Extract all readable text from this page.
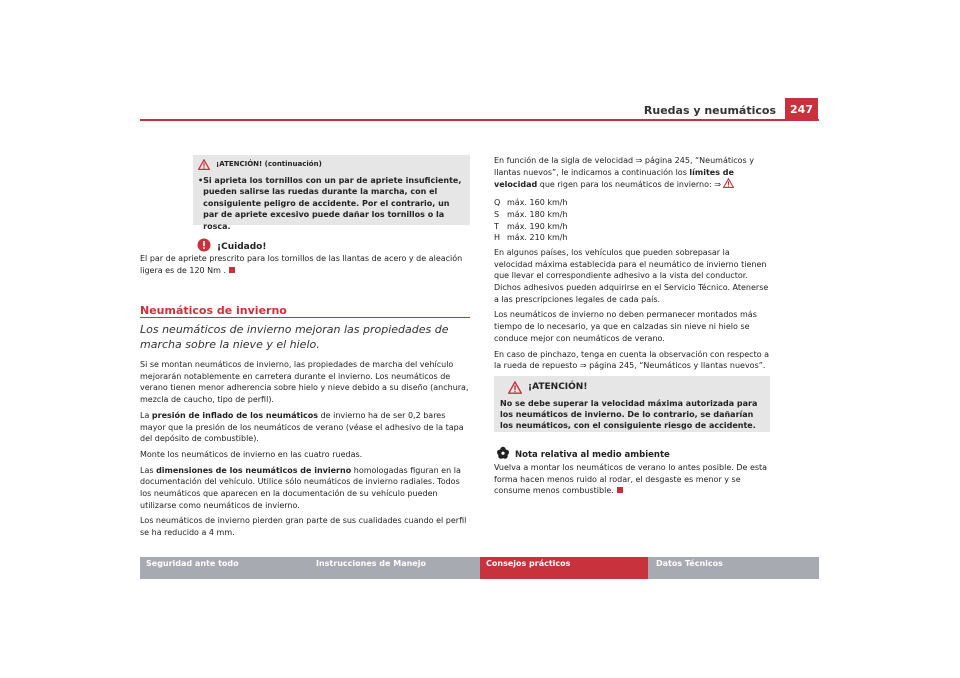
Ruedas y neumáticos	247
¡ATENCIÓN! (continuación)
• Si aprieta los tornillos con un par de apriete insuficiente, pueden salirse las ruedas durante la marcha, con el consiguiente peligro de accidente. Por el contrario, un par de apriete excesivo puede dañar los tornillos o la rosca.
¡Cuidado!
El par de apriete prescrito para los tornillos de las llantas de acero y de aleación ligera es de 120 Nm .
Neumáticos de invierno
Los neumáticos de invierno mejoran las propiedades de marcha sobre la nieve y el hielo.

Si se montan neumáticos de invierno, las propiedades de marcha del vehículo mejorarán notablemente en carretera durante el invierno. Los neumáticos de verano tienen menor adherencia sobre hielo y nieve debido a su diseño (anchura, mezcla de caucho, tipo de perfil).

La presión de inflado de los neumáticos de invierno ha de ser 0,2 bares mayor que la presión de los neumáticos de verano (véase el adhesivo de la tapa del depósito de combustible).

Monte los neumáticos de invierno en las cuatro ruedas.

Las dimensiones de los neumáticos de invierno homologadas figuran en la documentación del vehículo. Utilice sólo neumáticos de invierno radiales. Todos los neumáticos que aparecen en la documentación de su vehículo pueden utilizarse como neumáticos de invierno.

Los neumáticos de invierno pierden gran parte de sus cualidades cuando el perfil se ha reducido a 4 mm.

En función de la sigla de velocidad ⇒ página 245, “Neumáticos y llantas nuevos”, le indicamos a continuación los límites de velocidad que rigen para los neumáticos de invierno: ⇒

Q máx. 160 km/h
S máx. 180 km/h
T	máx. 190 km/h
H máx. 210 km/h

En algunos países, los vehículos que pueden sobrepasar la velocidad máxima establecida para el neumático de invierno tienen que llevar el correspondiente adhesivo a la vista del conductor. Dichos adhesivos pueden adquirirse en el Servicio Técnico. Atenerse a las prescripciones legales de cada país.

Los neumáticos de invierno no deben permanecer montados más tiempo de lo necesario, ya que en calzadas sin nieve ni hielo se conduce mejor con neumáticos de verano.

En caso de pinchazo, tenga en cuenta la observación con respecto a la rueda de repuesto ⇒ página 245, “Neumáticos y llantas nuevos”.

¡ATENCIÓN!
No se debe superar la velocidad máxima autorizada para los neumáticos de invierno. De lo contrario, se dañarían los neumáticos, con el consiguiente riesgo de accidente.
Nota relativa al medio ambiente
Vuelva a montar los neumáticos de verano lo antes posible. De esta forma hacen menos ruido al rodar, el desgaste es menor y se consume menos combustible.
Seguridad ante todo	Instrucciones de Manejo	Consejos prácticos	Datos Técnicos
